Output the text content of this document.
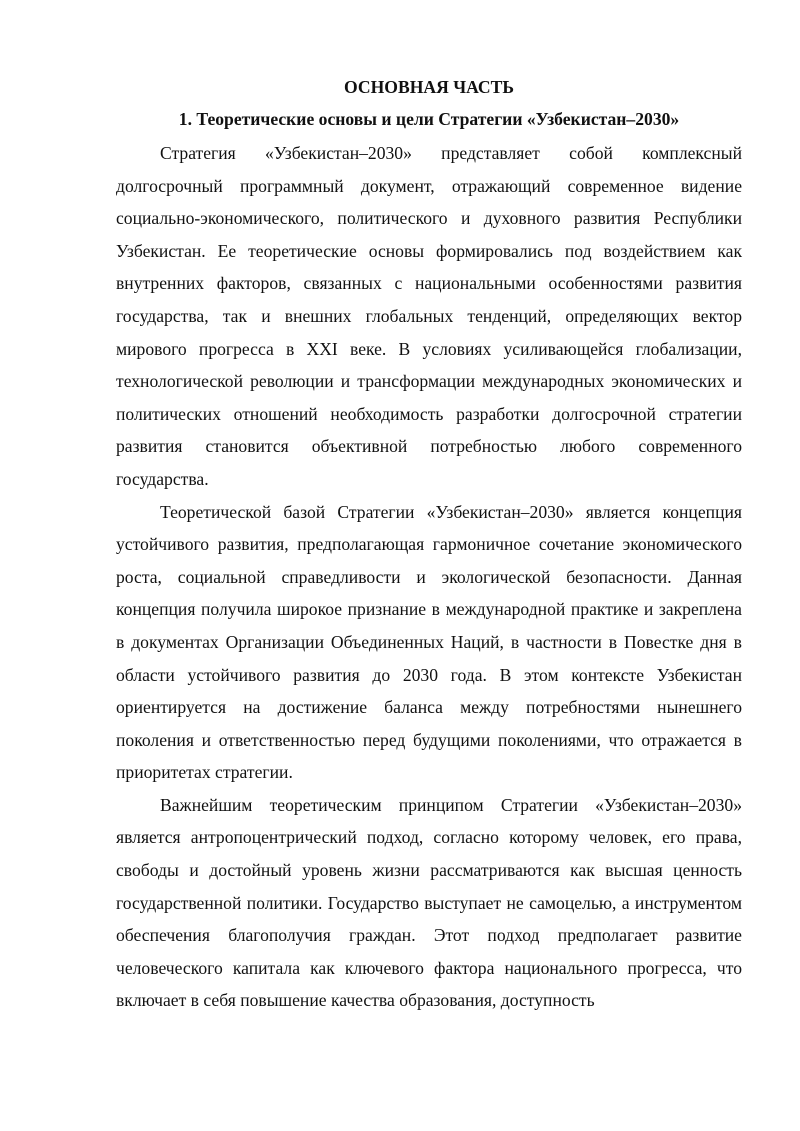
ОСНОВНАЯ ЧАСТЬ
1. Теоретические основы и цели Стратегии «Узбекистан–2030»

Стратегия «Узбекистан–2030» представляет собой комплексный долгосрочный программный документ, отражающий современное видение социально-экономического, политического и духовного развития Республики Узбекистан. Ее теоретические основы формировались под воздействием как внутренних факторов, связанных с национальными особенностями развития государства, так и внешних глобальных тенденций, определяющих вектор мирового прогресса в XXI веке. В условиях усиливающейся глобализации, технологической революции и трансформации международных экономических и политических отношений необходимость разработки долгосрочной стратегии развития становится объективной потребностью любого современного государства.

Теоретической базой Стратегии «Узбекистан–2030» является концепция устойчивого развития, предполагающая гармоничное сочетание экономического роста, социальной справедливости и экологической безопасности. Данная концепция получила широкое признание в международной практике и закреплена в документах Организации Объединенных Наций, в частности в Повестке дня в области устойчивого развития до 2030 года. В этом контексте Узбекистан ориентируется на достижение баланса между потребностями нынешнего поколения и ответственностью перед будущими поколениями, что отражается в приоритетах стратегии.

Важнейшим теоретическим принципом Стратегии «Узбекистан–2030» является антропоцентрический подход, согласно которому человек, его права, свободы и достойный уровень жизни рассматриваются как высшая ценность государственной политики. Государство выступает не самоцелью, а инструментом обеспечения благополучия граждан. Этот подход предполагает развитие человеческого капитала как ключевого фактора национального прогресса, что включает в себя повышение качества образования, доступность
